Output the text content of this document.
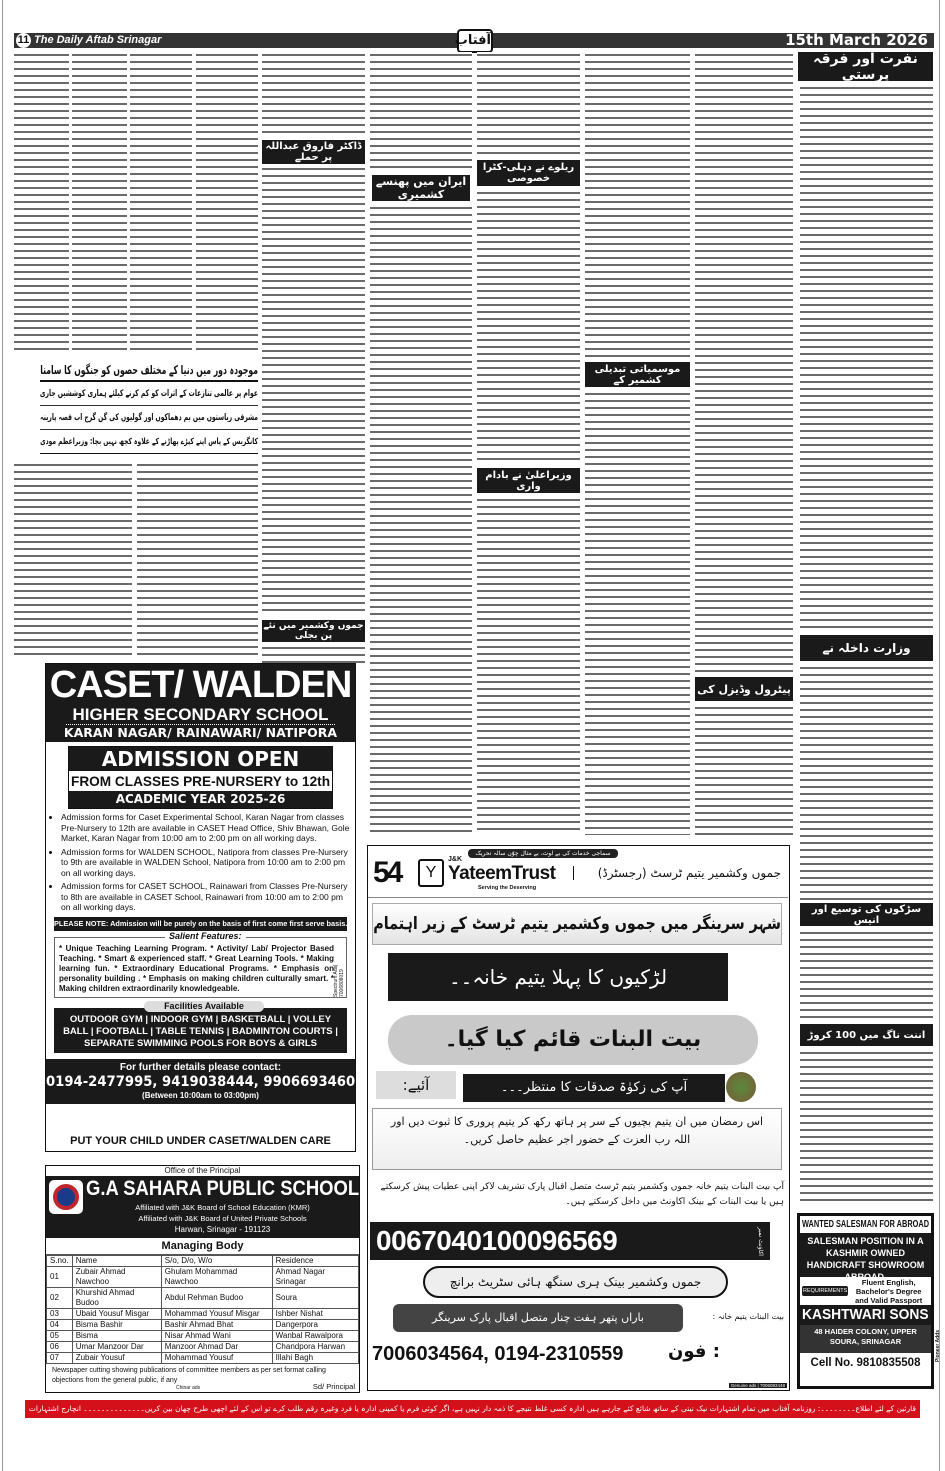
11 The Daily Aftab Srinagar	15th March 2026
آفتاب
نفرت اور فرقہ پرستی
ڈاکٹر فاروق عبداللہ پر حملے
ایران میں پھنسے کشمیری
ریلوے نے دہلی-کٹرا خصوصی
موسمیاتی تبدیلی کشمیر کے
وزیراعلیٰ نے بادام واری
جموں وکشمیر میں نئے پن بجلی
پیٹرول وڈیزل کی
وزارت داخلہ نے
سڑکوں کی توسیع اور انیس
اننت ناگ میں 100 کروڑ
موجودہ دور میں دنیا کے مختلف حصوں کو جنگوں کا سامنا
عوام پر عالمی تنازعات کے اثرات کو کم کرنے کیلئے ہماری کوششیں جاری
مشرقی ریاستوں میں بم دھماکوں اور گولیوں کی گن گرج اب قصہ پارینہ
کانگریس کے پاس اپنے کپڑے پھاڑنے کے علاوہ کچھ نہیں بچا: وزیراعظم مودی
CASET/ WALDEN
HIGHER SECONDARY SCHOOL
KARAN NAGAR/ RAINAWARI/ NATIPORA
ADMISSION OPEN
FROM CLASSES PRE-NURSERY to 12th
ACADEMIC YEAR 2025-26
• Admission forms for Caset Experimental School, Karan Nagar from classes Pre-Nursery to 12th are available in CASET Head Office, Shiv Bhawan, Gole Market, Karan Nagar from 10:00 am to 2:00 pm on all working days.
• Admission forms for WALDEN SCHOOL, Natipora from classes Pre-Nursery to 9th are available in WALDEN School, Natipora from 10:00 am to 2:00 pm on all working days.
• Admission forms for CASET SCHOOL, Rainawari from Classes Pre-Nursery to 8th are available in CASET School, Rainawari from 10:00 am to 2:00 pm on all working days.
PLEASE NOTE: Admission will be purely on the basis of first come first serve basis.
Salient Features:
* Unique Teaching Learning Program. * Activity/ Lab/ Projector Based Teaching. * Smart & experienced staff. * Great Learning Tools. * Making learning fun. * Extraordinary Educational Programs. * Emphasis on personality building . * Emphasis on making children culturally smart. * Making children extraordinarily knowledgeable.	Spectrum Ads| 7006808019
Facilities Available
OUTDOOR GYM | INDOOR GYM | BASKETBALL | VOLLEY BALL | FOOTBALL | TABLE TENNIS | BADMINTON COURTS | SEPARATE SWIMMING POOLS FOR BOYS & GIRLS
For further details please contact:
0194-2477995, 9419038444, 9906693460
(Between 10:00am to 03:00pm)
PUT YOUR CHILD UNDER CASET/WALDEN CARE
Office of the Principal
G.A SAHARA PUBLIC SCHOOL
Affiliated with J&K Board of School Education (KMR)
Affiliated with J&K Board of United Private Schools
Harwan, Srinagar - 191123
Managing Body
S.no.	Name	S/o, D/o, W/o	Residence
01	Zubair Ahmad Nawchoo	Ghulam Mohammad Nawchoo	Ahmad Nagar Srinagar
02	Khurshid Ahmad Budoo	Abdul Rehman Budoo	Soura
03	Ubaid Yousuf Misgar	Mohammad Yousuf Misgar	Ishber Nishat
04	Bisma Bashir	Bashir Ahmad Bhat	Dangerpora
05	Bisma	Nisar Ahmad Wani	Wanbal Rawalpora
06	Umar Manzoor Dar	Manzoor Ahmad Dar	Chandpora Harwan
07	Zubair Yousuf	Mohammad Yousuf	Illahi Bagh
Newspaper cutting showing publications of committee members as per set format calling objections from the general public, if any
Chinar ads	Sd/ Principal
سماجی خدمات کی بے لوث، بے مثال چوّن سالہ تحریک
54	Y
J&K
YateemTrust
Serving the Deserving
جموں وکشمیر یتیم ٹرسٹ (رجسٹرڈ)
شہر سرینگر میں جموں وکشمیر یتیم ٹرسٹ کے زیر اہتمام
لڑکیوں کا پہلا یتیم خانہ۔۔
بیت البنات قائم کیا گیا۔
آئیے:	آپ کی زکوٰۃ صدقات کا منتظر۔۔۔
اس رمضان میں ان یتیم بچیوں کے سر پر ہاتھ رکھ کر یتیم پروری کا ثبوت دیں اور اللہ رب العزت کے حضور اجر عظیم حاصل کریں۔
آپ بیت البنات یتیم خانہ جموں وکشمیر یتیم ٹرسٹ متصل اقبال پارک تشریف لاکر اپنی عطیات پیش کرسکتے ہیں یا بیت البنات کے بینک اکاونٹ میں داخل کرسکتے ہیں۔
0067040100096569	اکاؤنٹ نمبر
جموں وکشمیر بینک ہری سنگھ ہائی سٹریٹ برانچ
بیت البنات یتیم خانہ :
باراں پتھر ہفت چنار متصل اقبال پارک سرینگر
7006034564, 0194-2310559 : فون
Genuine ads | 7006083448
WANTED SALESMAN FOR ABROAD
SALESMAN POSITION IN A KASHMIR OWNED HANDICRAFT SHOWROOM ABROAD.
REQUIREMENTS
Fluent English, Bachelor's Degree and Valid Passport
KASHTWARI SONS
48 HAIDER COLONY, UPPER SOURA, SRINAGAR
Cell No. 9810835508
Pioneer Adds
قارئین کے لئے اطلاع۔۔۔۔۔۔۔۔: روزنامہ آفتاب میں تمام اشتہارات نیک نیتی کے ساتھ شائع کئے جارہے ہیں ادارہ کسی غلط نتیجے کا ذمہ دار نہیں ہے، اگر کوئی فرم یا کمپنی ادارہ یا فرد وغیرہ رقم طلب کرے تو اس کے لئے اچھی طرح چھان بین کریں۔۔۔۔۔۔۔۔۔۔۔۔۔۔ انچارج اشتہارات
